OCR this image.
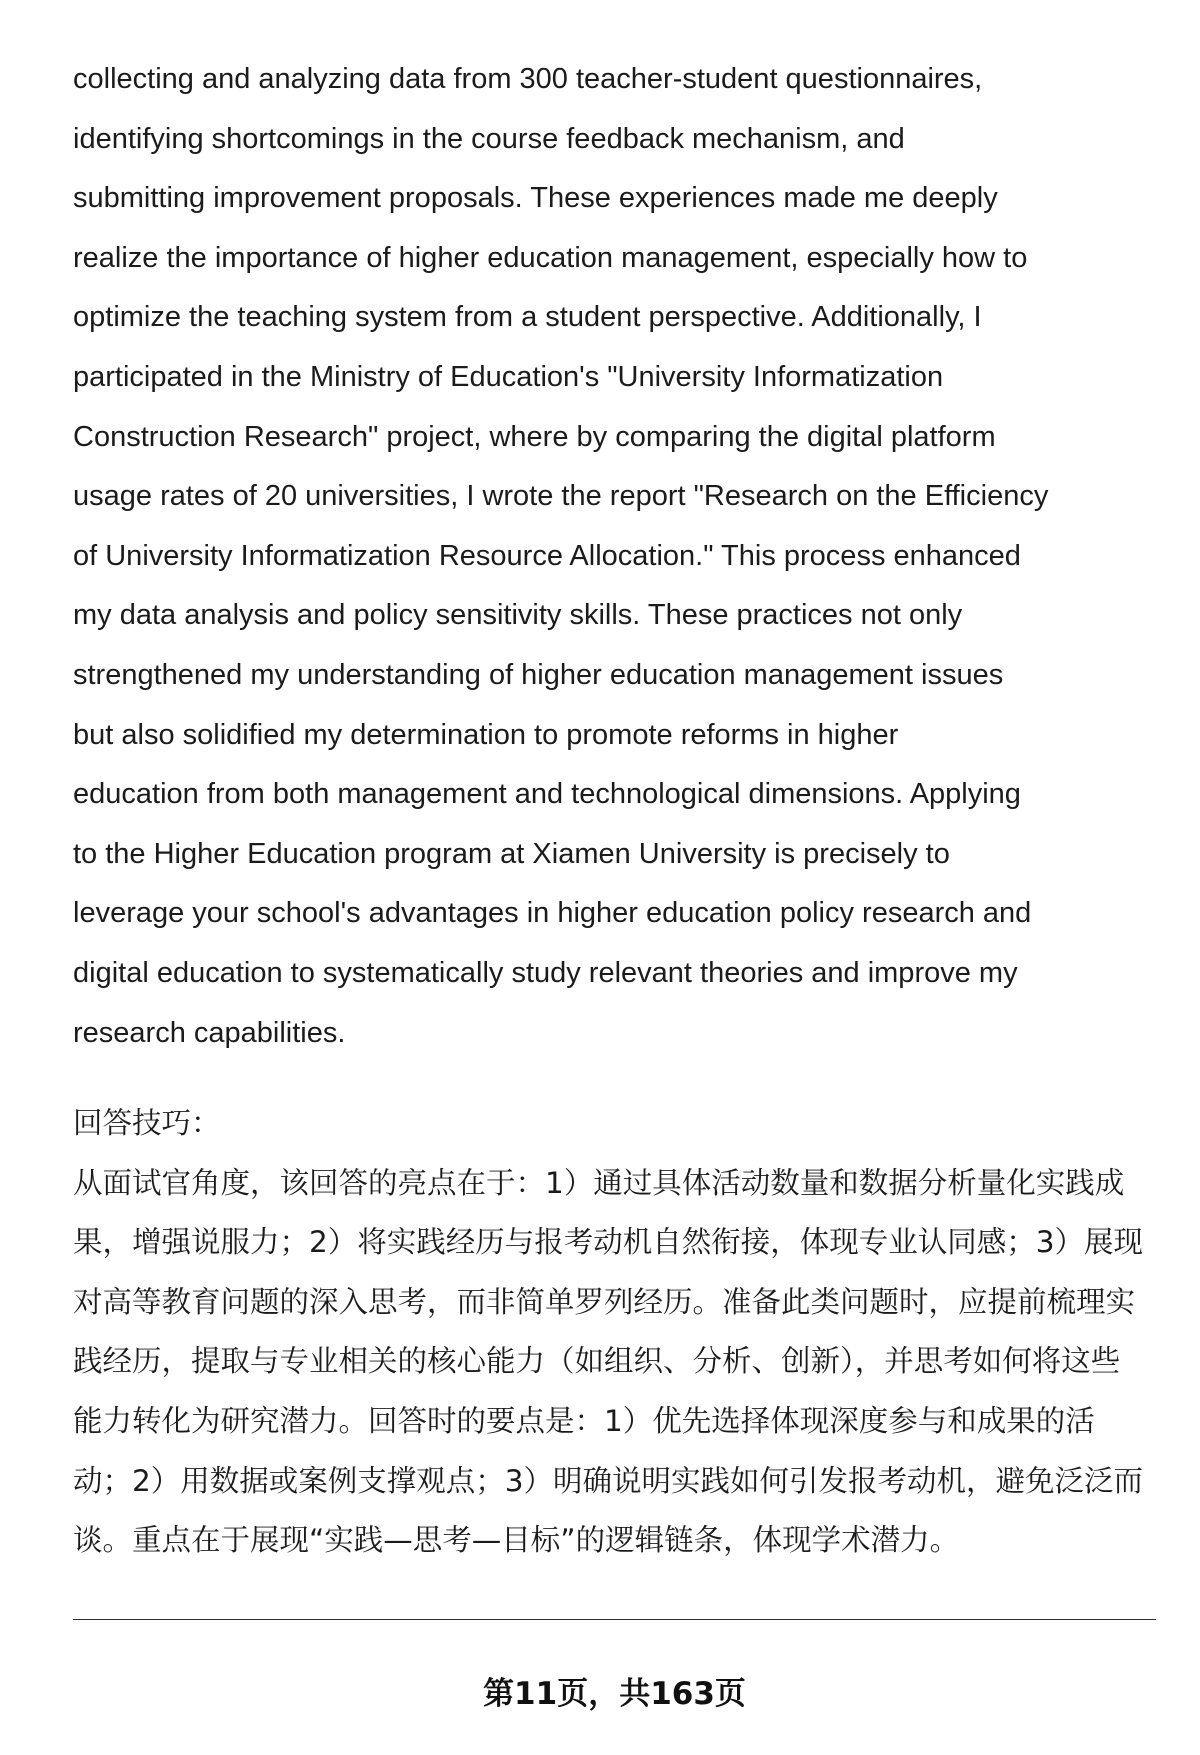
collecting and analyzing data from 300 teacher-student questionnaires,
identifying shortcomings in the course feedback mechanism, and
submitting improvement proposals. These experiences made me deeply
realize the importance of higher education management, especially how to
optimize the teaching system from a student perspective. Additionally, I
participated in the Ministry of Education's "University Informatization
Construction Research" project, where by comparing the digital platform
usage rates of 20 universities, I wrote the report "Research on the Efficiency
of University Informatization Resource Allocation." This process enhanced
my data analysis and policy sensitivity skills. These practices not only
strengthened my understanding of higher education management issues
but also solidified my determination to promote reforms in higher
education from both management and technological dimensions. Applying
to the Higher Education program at Xiamen University is precisely to
leverage your school's advantages in higher education policy research and
digital education to systematically study relevant theories and improve my
research capabilities.
回答技巧：
从面试官角度，该回答的亮点在于：1）通过具体活动数量和数据分析量化实践成
果，增强说服力；2）将实践经历与报考动机自然衔接，体现专业认同感；3）展现
对高等教育问题的深入思考，而非简单罗列经历。准备此类问题时，应提前梳理实
践经历，提取与专业相关的核心能力（如组织、分析、创新），并思考如何将这些
能力转化为研究潜力。回答时的要点是：1）优先选择体现深度参与和成果的活
动；2）用数据或案例支撑观点；3）明确说明实践如何引发报考动机，避免泛泛而
谈。重点在于展现“实践—思考—目标”的逻辑链条，体现学术潜力。
第11页，共163页
